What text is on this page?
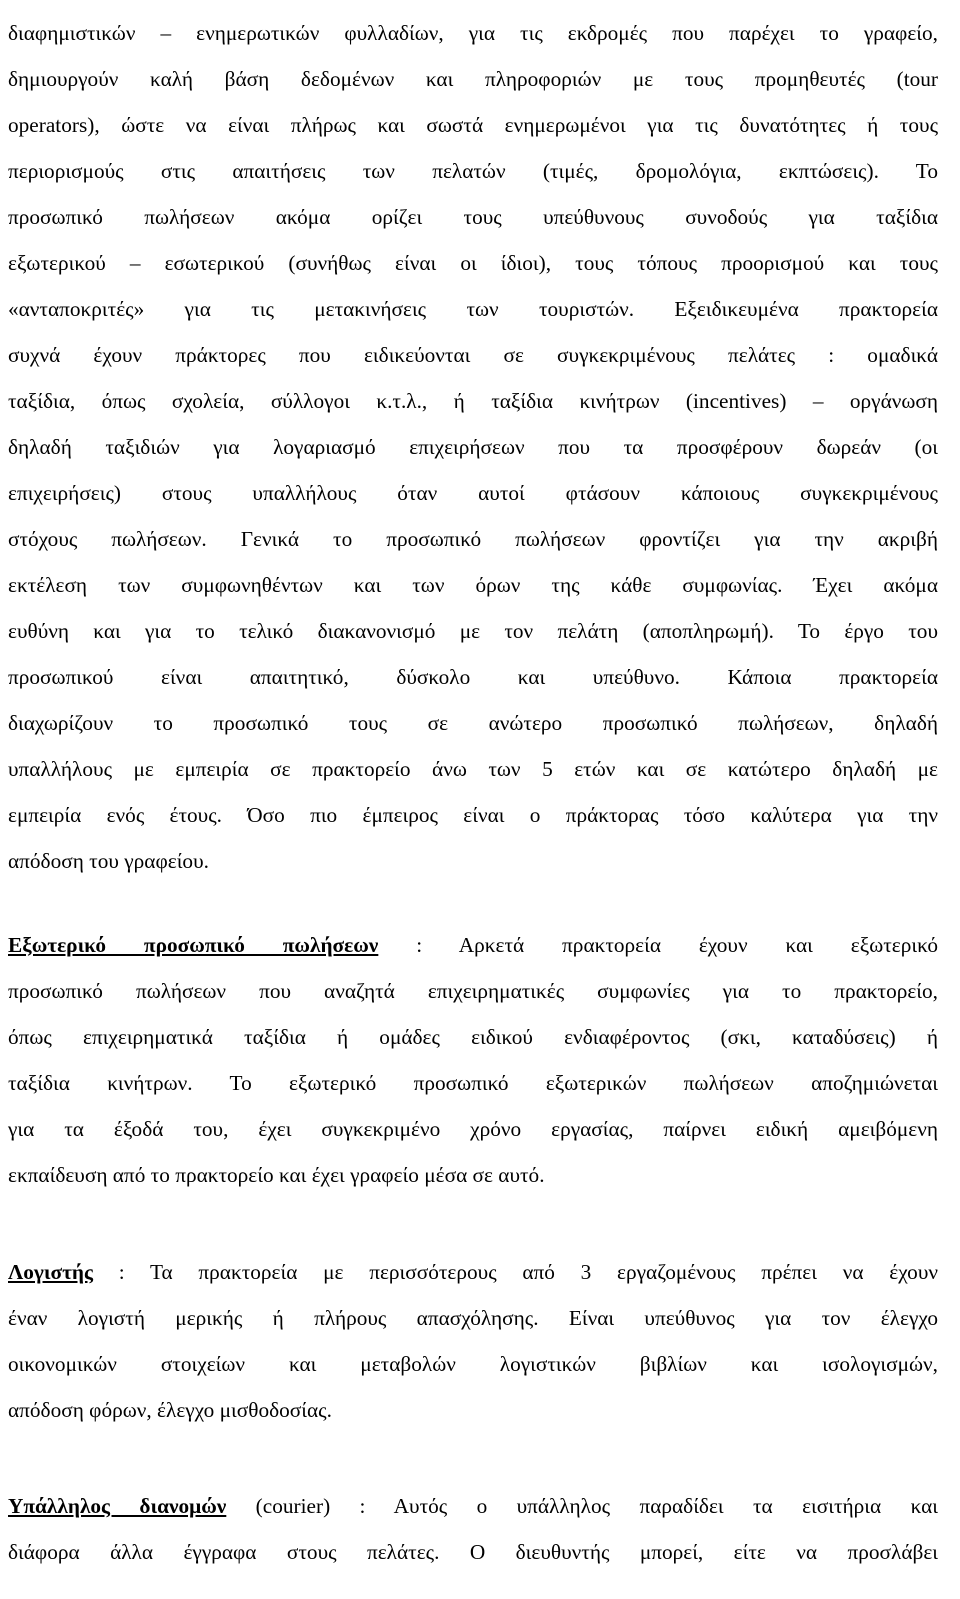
διαφημιστικών – ενημερωτικών φυλλαδίων, για τις εκδρομές που παρέχει το γραφείο,
δημιουργούν καλή βάση δεδομένων και πληροφοριών με τους προμηθευτές (tour
operators), ώστε να είναι πλήρως και σωστά ενημερωμένοι για τις δυνατότητες ή τους
περιορισμούς στις απαιτήσεις των πελατών (τιμές, δρομολόγια, εκπτώσεις). Το
προσωπικό πωλήσεων ακόμα ορίζει τους υπεύθυνους συνοδούς για ταξίδια
εξωτερικού – εσωτερικού (συνήθως είναι οι ίδιοι), τους τόπους προορισμού και τους
«ανταποκριτές» για τις μετακινήσεις των τουριστών. Εξειδικευμένα πρακτορεία
συχνά έχουν πράκτορες που ειδικεύονται σε συγκεκριμένους πελάτες : ομαδικά
ταξίδια, όπως σχολεία, σύλλογοι κ.τ.λ., ή ταξίδια κινήτρων (incentives) – οργάνωση
δηλαδή ταξιδιών για λογαριασμό επιχειρήσεων που τα προσφέρουν δωρεάν (οι
επιχειρήσεις) στους υπαλλήλους όταν αυτοί φτάσουν κάποιους συγκεκριμένους
στόχους πωλήσεων. Γενικά το προσωπικό πωλήσεων φροντίζει για την ακριβή
εκτέλεση των συμφωνηθέντων και των όρων της κάθε συμφωνίας. Έχει ακόμα
ευθύνη και για το τελικό διακανονισμό με τον πελάτη (αποπληρωμή). Το έργο του
προσωπικού είναι απαιτητικό, δύσκολο και υπεύθυνο. Κάποια πρακτορεία
διαχωρίζουν το προσωπικό τους σε ανώτερο προσωπικό πωλήσεων, δηλαδή
υπαλλήλους με εμπειρία σε πρακτορείο άνω των 5 ετών και σε κατώτερο δηλαδή με
εμπειρία ενός έτους. Όσο πιο έμπειρος είναι ο πράκτορας τόσο καλύτερα για την
απόδοση του γραφείου.
Εξωτερικό προσωπικό πωλήσεων : Αρκετά πρακτορεία έχουν και εξωτερικό
προσωπικό πωλήσεων που αναζητά επιχειρηματικές συμφωνίες για το πρακτορείο,
όπως επιχειρηματικά ταξίδια ή ομάδες ειδικού ενδιαφέροντος (σκι, καταδύσεις) ή
ταξίδια κινήτρων. Το εξωτερικό προσωπικό εξωτερικών πωλήσεων αποζημιώνεται
για τα έξοδά του, έχει συγκεκριμένο χρόνο εργασίας, παίρνει ειδική αμειβόμενη
εκπαίδευση από το πρακτορείο και έχει γραφείο μέσα σε αυτό.
Λογιστής : Τα πρακτορεία με περισσότερους από 3 εργαζομένους πρέπει να έχουν
έναν λογιστή μερικής ή πλήρους απασχόλησης. Είναι υπεύθυνος για τον έλεγχο
οικονομικών στοιχείων και μεταβολών λογιστικών βιβλίων και ισολογισμών,
απόδοση φόρων, έλεγχο μισθοδοσίας.
Υπάλληλος διανομών (courier) : Αυτός ο υπάλληλος παραδίδει τα εισιτήρια και
διάφορα άλλα έγγραφα στους πελάτες. Ο διευθυντής μπορεί, είτε να προσλάβει
